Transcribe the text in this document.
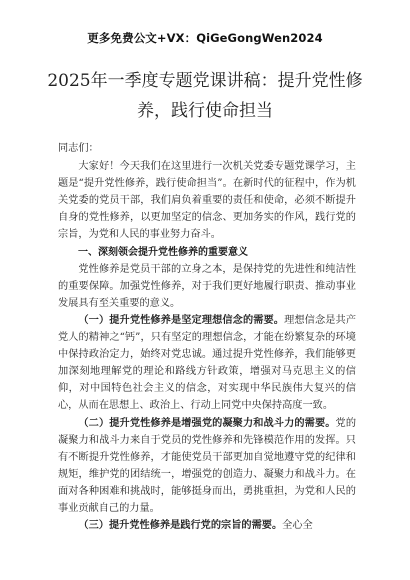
更多免费公文+VX：QiGeGongWen2024
2025年一季度专题党课讲稿：提升党性修养，践行使命担当

同志们：

大家好！今天我们在这里进行一次机关党委专题党课学习，主题是“提升党性修养，践行使命担当”。在新时代的征程中，作为机关党委的党员干部，我们肩负着重要的责任和使命，必须不断提升自身的党性修养，以更加坚定的信念、更加务实的作风，践行党的宗旨，为党和人民的事业努力奋斗。

一、深刻领会提升党性修养的重要意义

党性修养是党员干部的立身之本，是保持党的先进性和纯洁性的重要保障。加强党性修养，对于我们更好地履行职责、推动事业发展具有至关重要的意义。

（一）提升党性修养是坚定理想信念的需要。理想信念是共产党人的精神之“钙”，只有坚定的理想信念，才能在纷繁复杂的环境中保持政治定力，始终对党忠诚。通过提升党性修养，我们能够更加深刻地理解党的理论和路线方针政策，增强对马克思主义的信仰，对中国特色社会主义的信念，对实现中华民族伟大复兴的信心，从而在思想上、政治上、行动上同党中央保持高度一致。

（二）提升党性修养是增强党的凝聚力和战斗力的需要。党的凝聚力和战斗力来自于党员的党性修养和先锋模范作用的发挥。只有不断提升党性修养，才能使党员干部更加自觉地遵守党的纪律和规矩，维护党的团结统一，增强党的创造力、凝聚力和战斗力。在面对各种困难和挑战时，能够挺身而出，勇挑重担，为党和人民的事业贡献自己的力量。

（三）提升党性修养是践行党的宗旨的需要。全心全
